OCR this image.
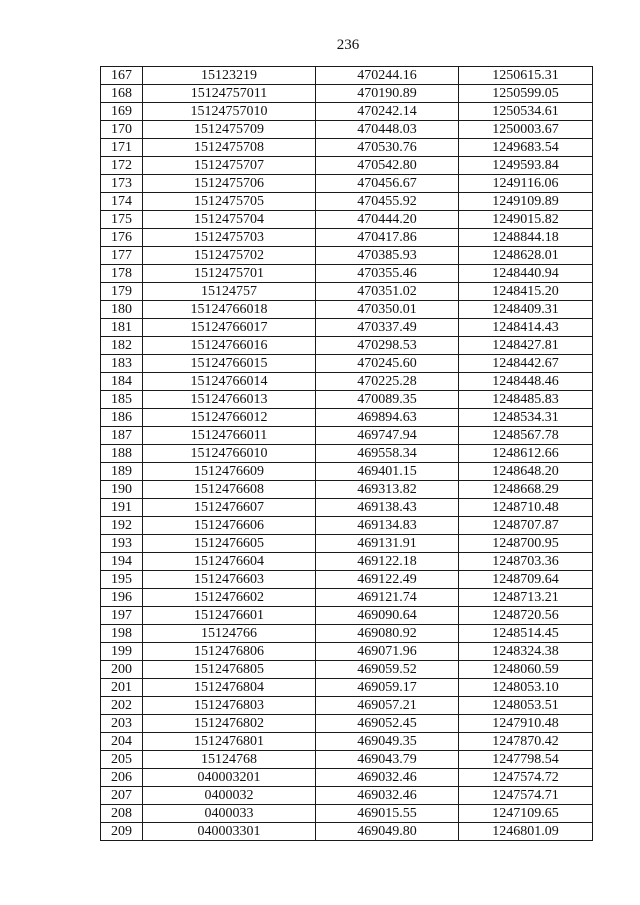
236
167	15123219	470244.16	1250615.31
168	15124757011	470190.89	1250599.05
169	15124757010	470242.14	1250534.61
170	1512475709	470448.03	1250003.67
171	1512475708	470530.76	1249683.54
172	1512475707	470542.80	1249593.84
173	1512475706	470456.67	1249116.06
174	1512475705	470455.92	1249109.89
175	1512475704	470444.20	1249015.82
176	1512475703	470417.86	1248844.18
177	1512475702	470385.93	1248628.01
178	1512475701	470355.46	1248440.94
179	15124757	470351.02	1248415.20
180	15124766018	470350.01	1248409.31
181	15124766017	470337.49	1248414.43
182	15124766016	470298.53	1248427.81
183	15124766015	470245.60	1248442.67
184	15124766014	470225.28	1248448.46
185	15124766013	470089.35	1248485.83
186	15124766012	469894.63	1248534.31
187	15124766011	469747.94	1248567.78
188	15124766010	469558.34	1248612.66
189	1512476609	469401.15	1248648.20
190	1512476608	469313.82	1248668.29
191	1512476607	469138.43	1248710.48
192	1512476606	469134.83	1248707.87
193	1512476605	469131.91	1248700.95
194	1512476604	469122.18	1248703.36
195	1512476603	469122.49	1248709.64
196	1512476602	469121.74	1248713.21
197	1512476601	469090.64	1248720.56
198	15124766	469080.92	1248514.45
199	1512476806	469071.96	1248324.38
200	1512476805	469059.52	1248060.59
201	1512476804	469059.17	1248053.10
202	1512476803	469057.21	1248053.51
203	1512476802	469052.45	1247910.48
204	1512476801	469049.35	1247870.42
205	15124768	469043.79	1247798.54
206	040003201	469032.46	1247574.72
207	0400032	469032.46	1247574.71
208	0400033	469015.55	1247109.65
209	040003301	469049.80	1246801.09
